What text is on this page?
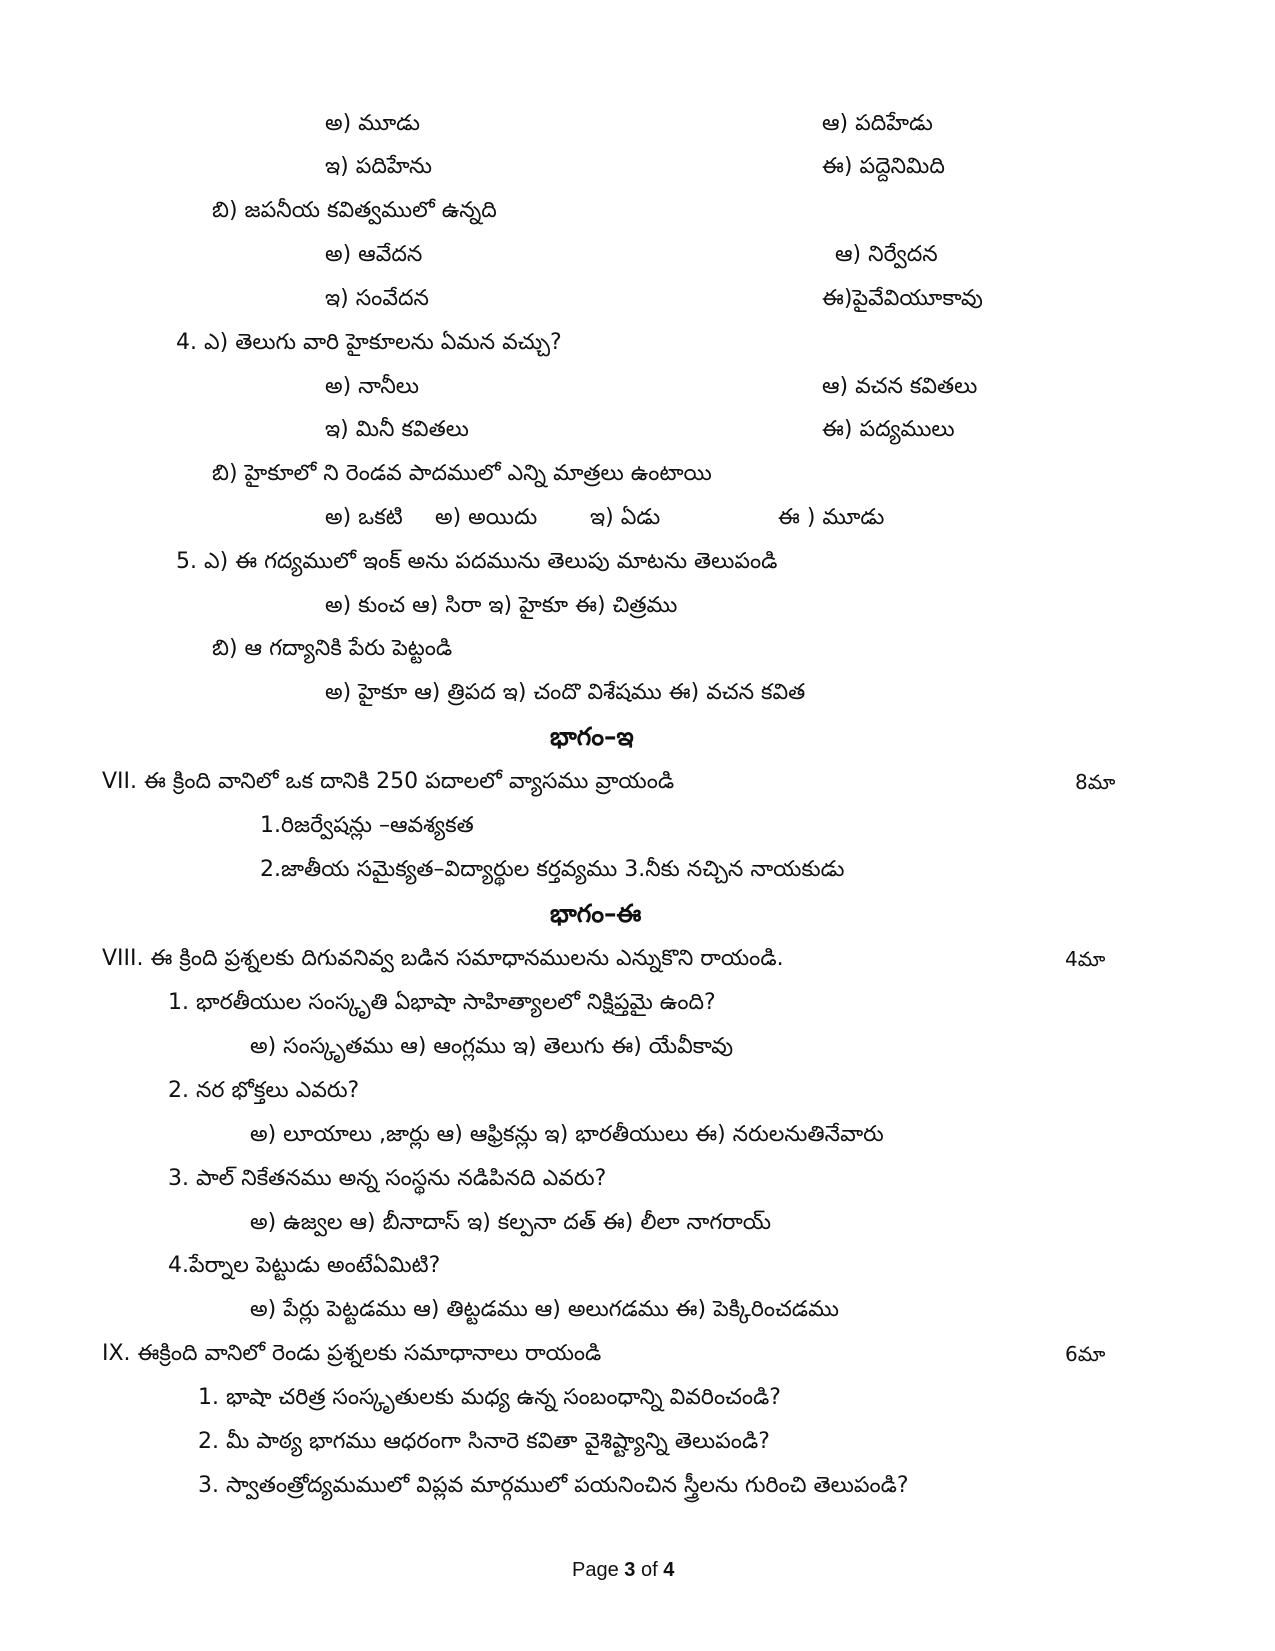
అ) మూడు	ఆ) పదిహేడు
ఇ) పదిహేను	ఈ) పద్దెనిమిది
బి) జపనీయ కవిత్వములో ఉన్నది
అ) ఆవేదన	ఆ) నిర్వేదన
ఇ) సంవేదన	ఈ)పైవేవియూకావు
4. ఎ) తెలుగు వారి హైకూలను ఏమన వచ్చు?
అ) నానీలు	ఆ) వచన కవితలు
ఇ) మినీ కవితలు	ఈ) పద్యములు
బి) హైకూలో ని రెండవ పాదములో ఎన్ని మాత్రలు ఉంటాయి
అ) ఒకటి అ) అయిదు ఇ) ఏడు	ఈ ) మూడు
5. ఎ) ఈ గద్యములో ఇంక్ అను పదమును తెలుపు మాటను తెలుపండి
అ) కుంచ ఆ) సిరా ఇ) హైకూ ఈ) చిత్రము
బి) ఆ గద్యానికి పేరు పెట్టండి
అ) హైకూ ఆ) త్రిపద ఇ) చందొ విశేషము ఈ) వచన కవిత
భాగం–ఇ
VII. ఈ క్రింది వానిలో ఒక దానికి 250 పదాలలో వ్యాసము వ్రాయండి	8మా
1.రిజర్వేషన్లు –ఆవశ్యకత
2.జాతీయ సమైక్యత–విద్యార్థుల కర్తవ్యము 3.నీకు నచ్చిన నాయకుడు
భాగం–ఈ
VIII. ఈ క్రింది ప్రశ్నలకు దిగువనివ్వ బడిన సమాధానములను ఎన్నుకొని రాయండి.	4మా
1. భారతీయుల సంస్కృతి ఏభాషా సాహిత్యాలలో నిక్షిప్తమై ఉంది?
అ) సంస్కృతము ఆ) ఆంగ్లము ఇ) తెలుగు ఈ) యేవీకావు
2. నర భోక్తలు ఎవరు?
అ) లూయాలు ,జార్లు ఆ) ఆఫ్రికన్లు ఇ) భారతీయులు ఈ) నరులనుతినేవారు
3. పాల్ నికేతనము అన్న సంస్థను నడిపినది ఎవరు?
అ) ఉజ్వల ఆ) బీనాదాస్ ఇ) కల్పనా దత్ ఈ) లీలా నాగరాయ్
4.పేర్నాల పెట్టుడు అంటేఏమిటి?
అ) పేర్లు పెట్టడము ఆ) తిట్టడము ఆ) అలుగడము ఈ) పెక్కిరించడము
IX. ఈక్రింది వానిలో రెండు ప్రశ్నలకు సమాధానాలు రాయండి	6మా
1. భాషా చరిత్ర సంస్కృతులకు మధ్య ఉన్న సంబంధాన్ని వివరించండి?
2. మీ పాఠ్య భాగము ఆధరంగా సినారె కవితా వైశిష్ట్యాన్ని తెలుపండి?
3. స్వాతంత్రోద్యమములో విప్లవ మార్గములో పయనించిన స్త్రీలను గురించి తెలుపండి?
Page 3 of 4
